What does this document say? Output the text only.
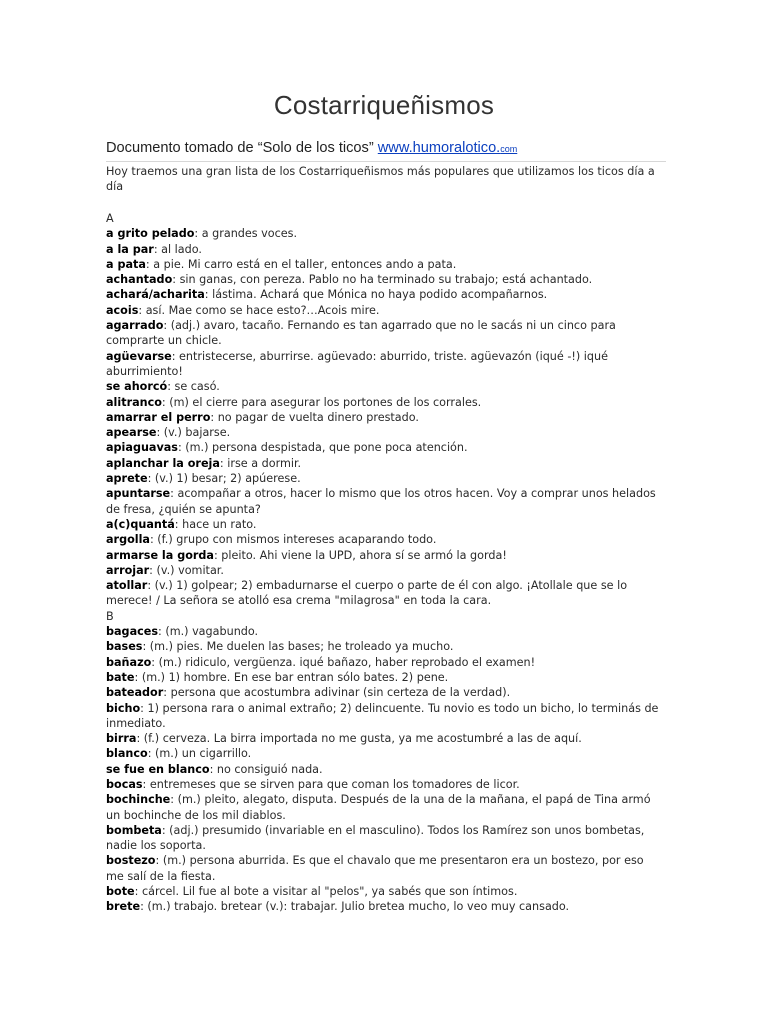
Costarriqueñismos
Documento tomado de “Solo de los ticos” www.humoralotico.com
Hoy traemos una gran lista de los Costarriqueñismos más populares que utilizamos los ticos día a
día
A
a grito pelado: a grandes voces.
a la par: al lado.
a pata: a pie. Mi carro está en el taller, entonces ando a pata.
achantado: sin ganas, con pereza. Pablo no ha terminado su trabajo; está achantado.
achará/acharita: lástima. Achará que Mónica no haya podido acompañarnos.
acois: así. Mae como se hace esto?…Acois mire.
agarrado: (adj.) avaro, tacaño. Fernando es tan agarrado que no le sacás ni un cinco para
comprarte un chicle.
agüevarse: entristecerse, aburrirse. agüevado: aburrido, triste. agüevazón (iqué -!) iqué
aburrimiento!
se ahorcó: se casó.
alitranco: (m) el cierre para asegurar los portones de los corrales.
amarrar el perro: no pagar de vuelta dinero prestado.
apearse: (v.) bajarse.
apiaguavas: (m.) persona despistada, que pone poca atención.
aplanchar la oreja: irse a dormir.
aprete: (v.) 1) besar; 2) apúerese.
apuntarse: acompañar a otros, hacer lo mismo que los otros hacen. Voy a comprar unos helados
de fresa, ¿quién se apunta?
a(c)quantá: hace un rato.
argolla: (f.) grupo con mismos intereses acaparando todo.
armarse la gorda: pleito. Ahi viene la UPD, ahora sí se armó la gorda!
arrojar: (v.) vomitar.
atollar: (v.) 1) golpear; 2) embadurnarse el cuerpo o parte de él con algo. ¡Atollale que se lo
merece! / La señora se atolló esa crema "milagrosa" en toda la cara.
B
bagaces: (m.) vagabundo.
bases: (m.) pies. Me duelen las bases; he troleado ya mucho.
bañazo: (m.) ridiculo, vergüenza. iqué bañazo, haber reprobado el examen!
bate: (m.) 1) hombre. En ese bar entran sólo bates. 2) pene.
bateador: persona que acostumbra adivinar (sin certeza de la verdad).
bicho: 1) persona rara o animal extraño; 2) delincuente. Tu novio es todo un bicho, lo terminás de
inmediato.
birra: (f.) cerveza. La birra importada no me gusta, ya me acostumbré a las de aquí.
blanco: (m.) un cigarrillo.
se fue en blanco: no consiguió nada.
bocas: entremeses que se sirven para que coman los tomadores de licor.
bochinche: (m.) pleito, alegato, disputa. Después de la una de la mañana, el papá de Tina armó
un bochinche de los mil diablos.
bombeta: (adj.) presumido (invariable en el masculino). Todos los Ramírez son unos bombetas,
nadie los soporta.
bostezo: (m.) persona aburrida. Es que el chavalo que me presentaron era un bostezo, por eso
me salí de la fiesta.
bote: cárcel. Lil fue al bote a visitar al "pelos", ya sabés que son íntimos.
brete: (m.) trabajo. bretear (v.): trabajar. Julio bretea mucho, lo veo muy cansado.
